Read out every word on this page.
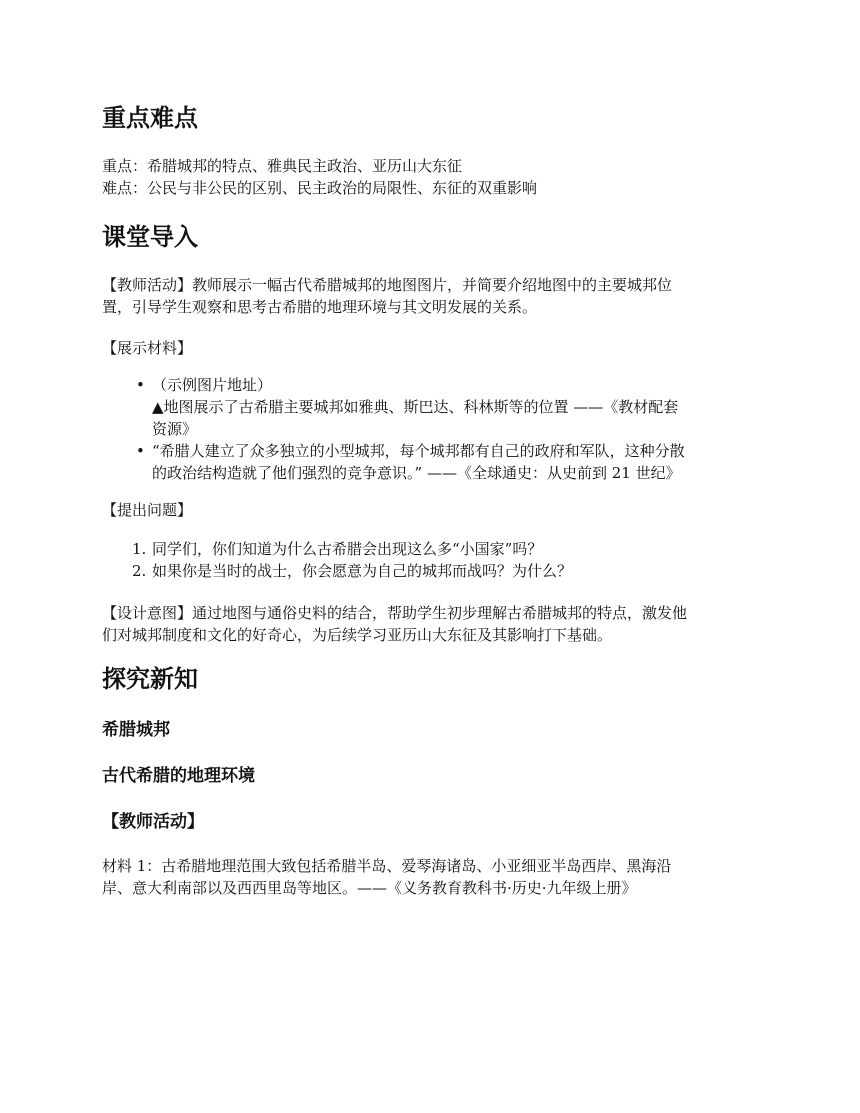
重点难点
重点：希腊城邦的特点、雅典民主政治、亚历山大东征
难点：公民与非公民的区别、民主政治的局限性、东征的双重影响
课堂导入
【教师活动】教师展示一幅古代希腊城邦的地图图片，并简要介绍地图中的主要城邦位
置，引导学生观察和思考古希腊的地理环境与其文明发展的关系。
【展示材料】
• （示例图片地址）
▲地图展示了古希腊主要城邦如雅典、斯巴达、科林斯等的位置 ——《教材配套
资源》
• “希腊人建立了众多独立的小型城邦，每个城邦都有自己的政府和军队，这种分散
的政治结构造就了他们强烈的竞争意识。” ——《全球通史：从史前到 21 世纪》
【提出问题】
1. 同学们，你们知道为什么古希腊会出现这么多“小国家”吗？
2. 如果你是当时的战士，你会愿意为自己的城邦而战吗？为什么？
【设计意图】通过地图与通俗史料的结合，帮助学生初步理解古希腊城邦的特点，激发他
们对城邦制度和文化的好奇心，为后续学习亚历山大东征及其影响打下基础。
探究新知
希腊城邦
古代希腊的地理环境
【教师活动】
材料 1：古希腊地理范围大致包括希腊半岛、爱琴海诸岛、小亚细亚半岛西岸、黑海沿
岸、意大利南部以及西西里岛等地区。——《义务教育教科书·历史·九年级上册》
